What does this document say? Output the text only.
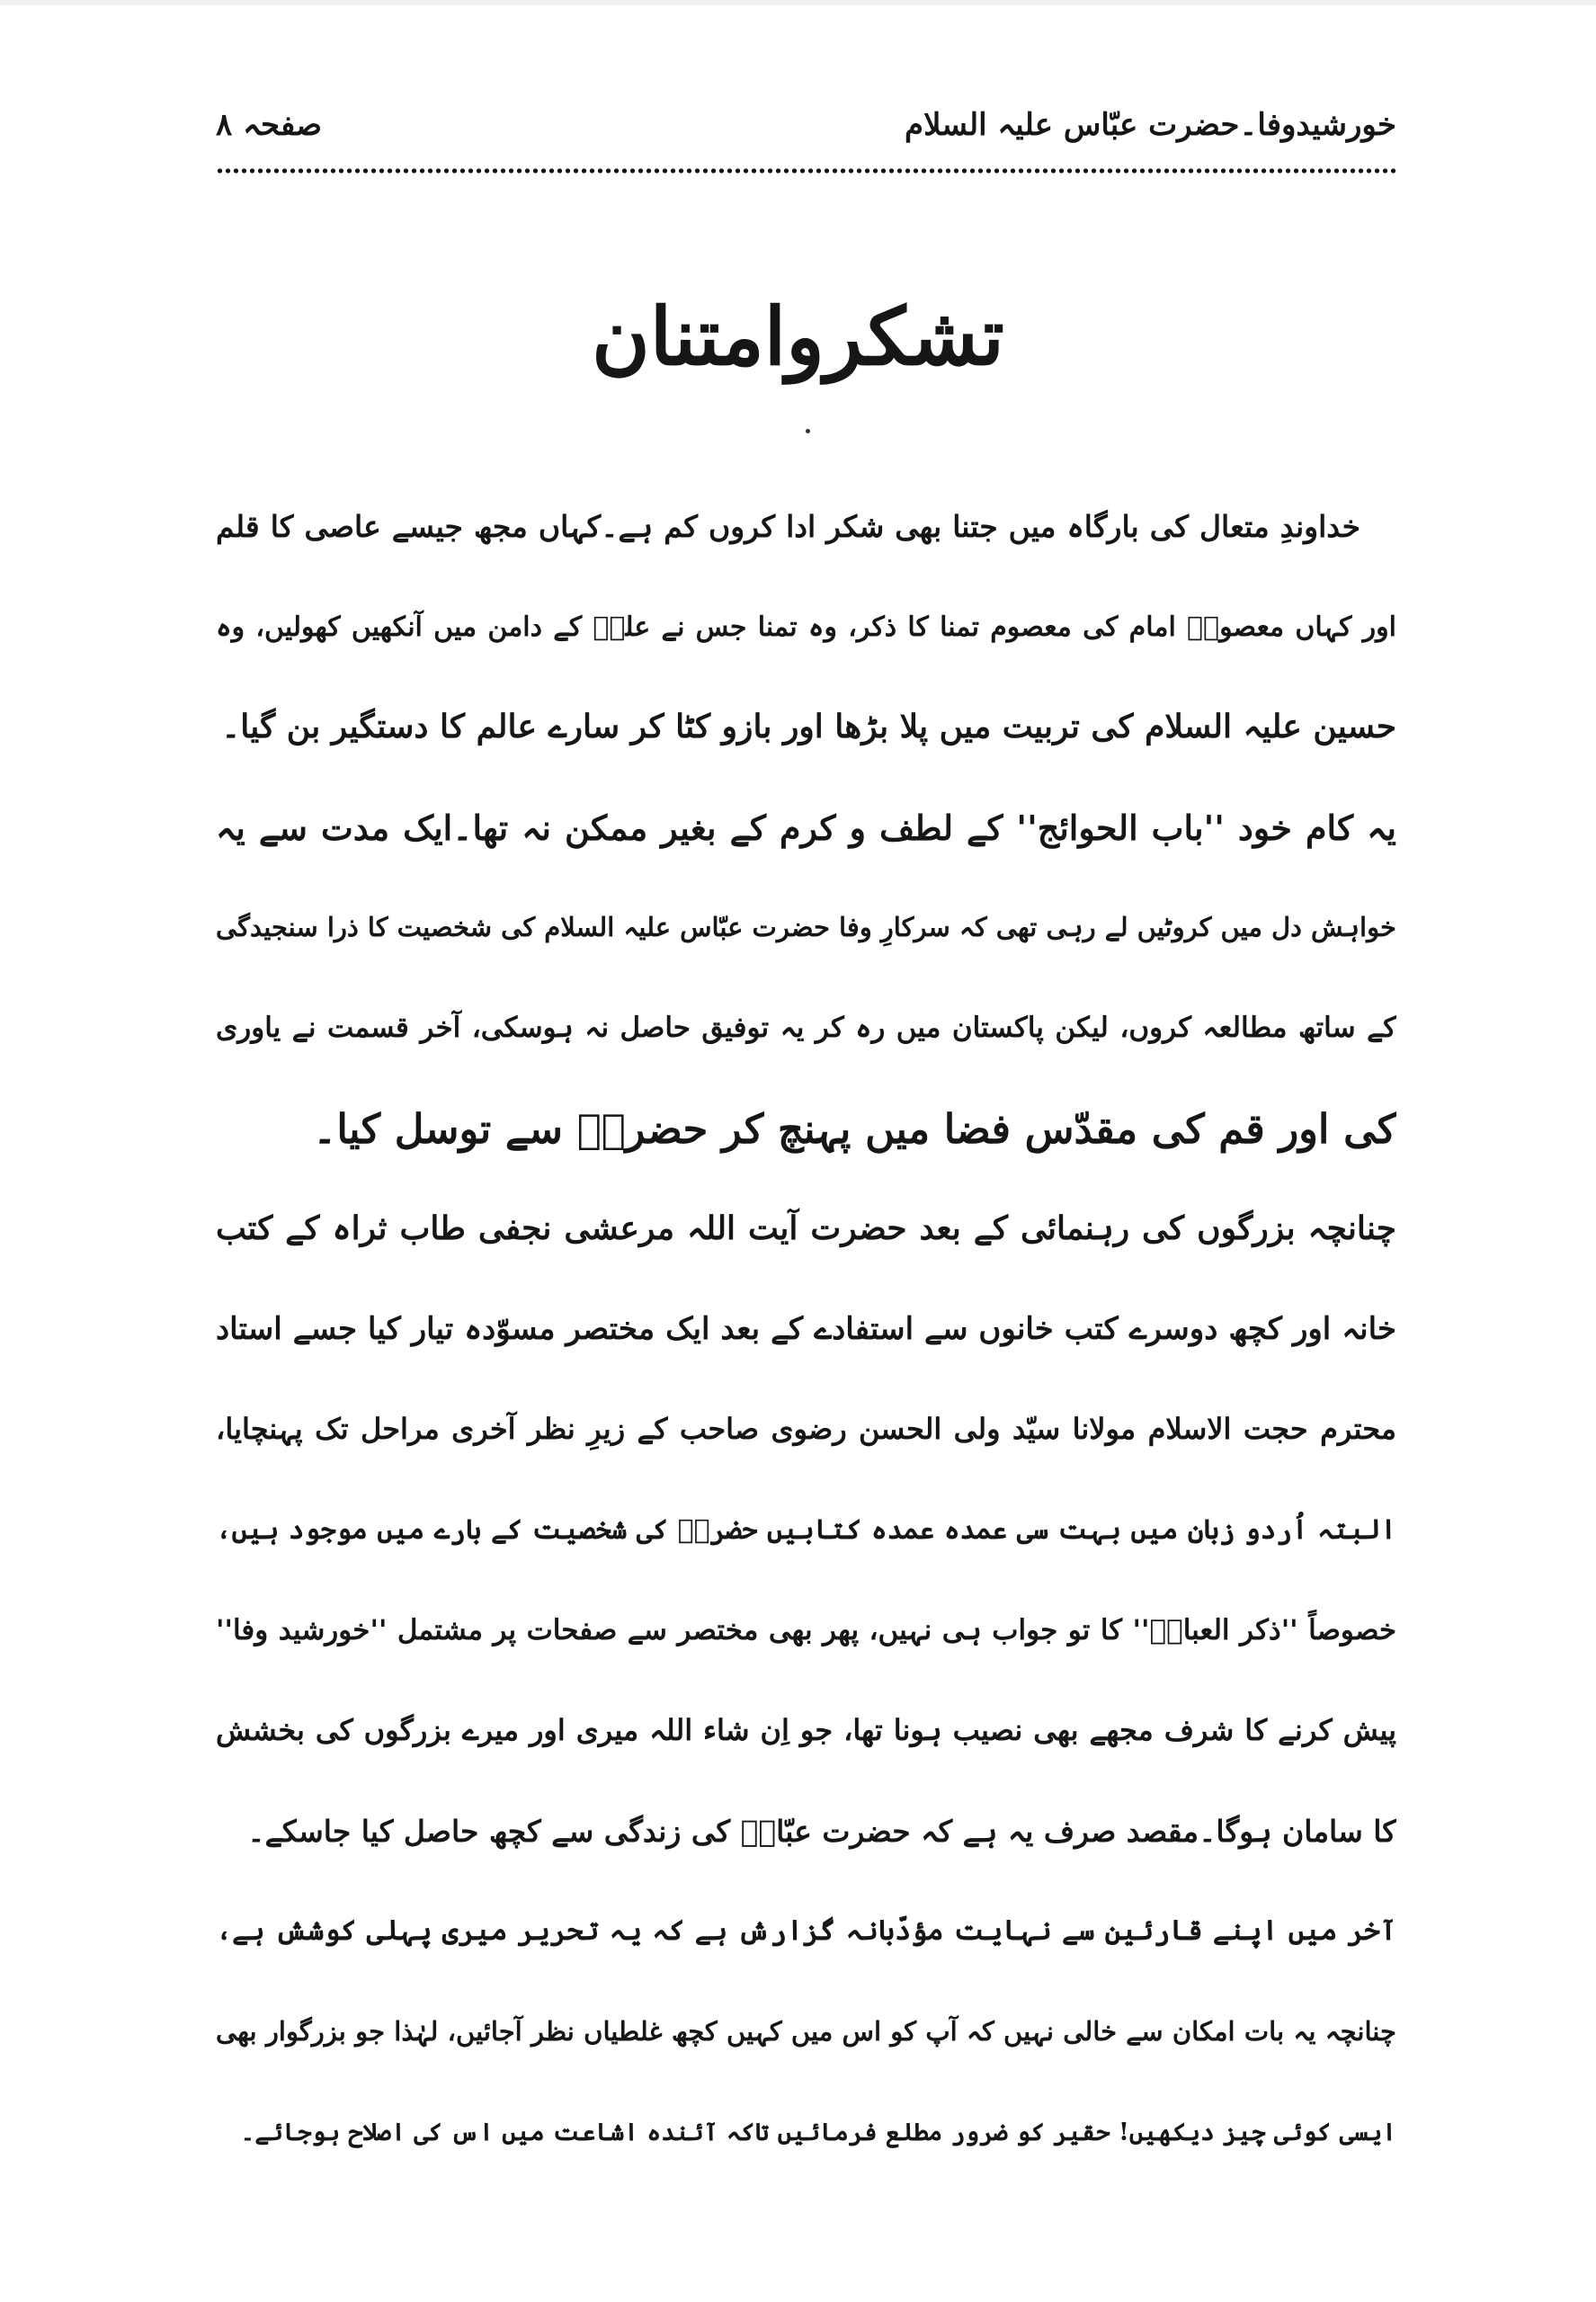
خورشیدوفا۔حضرت عبّاس علیہ السلام
صفحہ ۸
تشکروامتنان
خداوندِ متعال کی بارگاہ میں جتنا بھی شکر ادا کروں کم ہے۔کہاں مجھ جیسے عاصی کا قلم
اور کہاں معصومؑ امام کی معصوم تمنا کا ذکر، وہ تمنا جس نے علیؑ کے دامن میں آنکھیں کھولیں، وہ
حسین علیہ السلام کی تربیت میں پلا بڑھا اور بازو کٹا کر سارے عالم کا دستگیر بن گیا۔
یہ کام خود ''باب الحوائج'' کے لطف و کرم کے بغیر ممکن نہ تھا۔ایک مدت سے یہ
خواہش دل میں کروٹیں لے رہی تھی کہ سرکارِ وفا حضرت عبّاس علیہ السلام کی شخصیت کا ذرا سنجیدگی
کے ساتھ مطالعہ کروں، لیکن پاکستان میں رہ کر یہ توفیق حاصل نہ ہوسکی، آخر قسمت نے یاوری
کی اور قم کی مقدّس فضا میں پہنچ کر حضرتؑ سے توسل کیا۔
چنانچہ بزرگوں کی رہنمائی کے بعد حضرت آیت اللہ مرعشی نجفی طاب ثراہ کے کتب
خانہ اور کچھ دوسرے کتب خانوں سے استفادے کے بعد ایک مختصر مسوّدہ تیار کیا جسے استاد
محترم حجت الاسلام مولانا سیّد ولی الحسن رضوی صاحب کے زیرِ نظر آخری مراحل تک پہنچایا،
البتہ اُردو زبان میں بہت سی عمدہ عمدہ کتابیں حضرتؑ کی شخصیت کے بارے میں موجود ہیں،
خصوصاً ''ذکر العباسؑ'' کا تو جواب ہی نہیں، پھر بھی مختصر سے صفحات پر مشتمل ''خورشید وفا''
پیش کرنے کا شرف مجھے بھی نصیب ہونا تھا، جو اِن شاء اللہ میری اور میرے بزرگوں کی بخشش
کا سامان ہوگا۔مقصد صرف یہ ہے کہ حضرت عبّاسؑ کی زندگی سے کچھ حاصل کیا جاسکے۔
آخر میں اپنے قارئین سے نہایت مؤدّبانہ گزارش ہے کہ یہ تحریر میری پہلی کوشش ہے،
چنانچہ یہ بات امکان سے خالی نہیں کہ آپ کو اس میں کہیں کچھ غلطیاں نظر آجائیں، لہٰذا جو بزرگوار بھی
ایسی کوئی چیز دیکھیں! حقیر کو ضرور مطلع فرمائیں تاکہ آئندہ اشاعت میں اس کی اصلاح ہوجائے۔
